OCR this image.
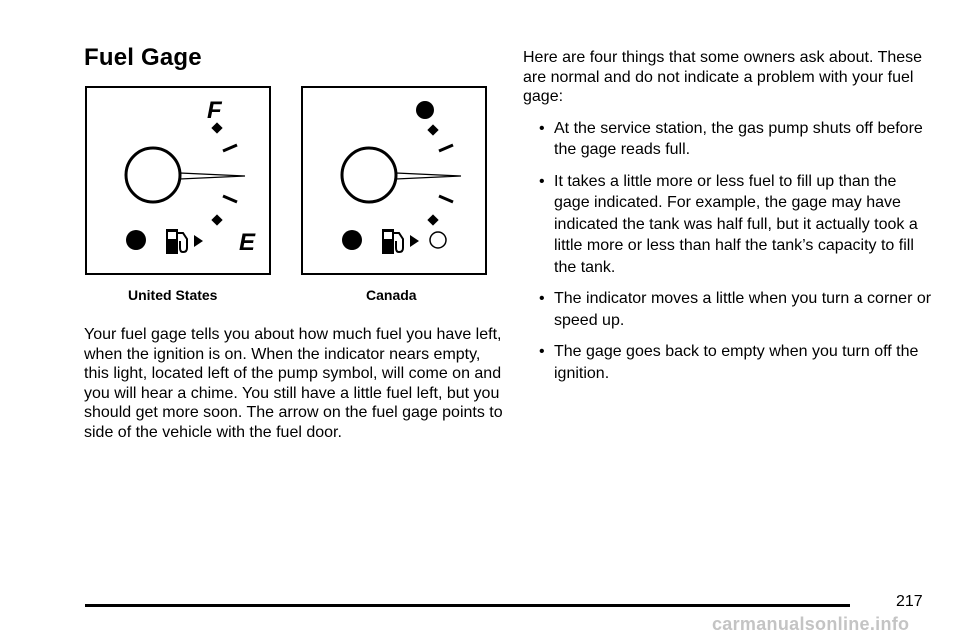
Fuel Gage
F
E
United States	Canada

Your fuel gage tells you about how much fuel you have left, when the ignition is on. When the indicator nears empty, this light, located left of the pump symbol, will come on and you will hear a chime. You still have a little fuel left, but you should get more soon. The arrow on the fuel gage points to side of the vehicle with the fuel door.

Here are four things that some owners ask about. These are normal and do not indicate a problem with your fuel gage:

• At the service station, the gas pump shuts off before the gage reads full.
• It takes a little more or less fuel to fill up than the gage indicated. For example, the gage may have indicated the tank was half full, but it actually took a little more or less than half the tank’s capacity to fill the tank.
• The indicator moves a little when you turn a corner or speed up.
• The gage goes back to empty when you turn off the ignition.
217
carmanualsonline.info
